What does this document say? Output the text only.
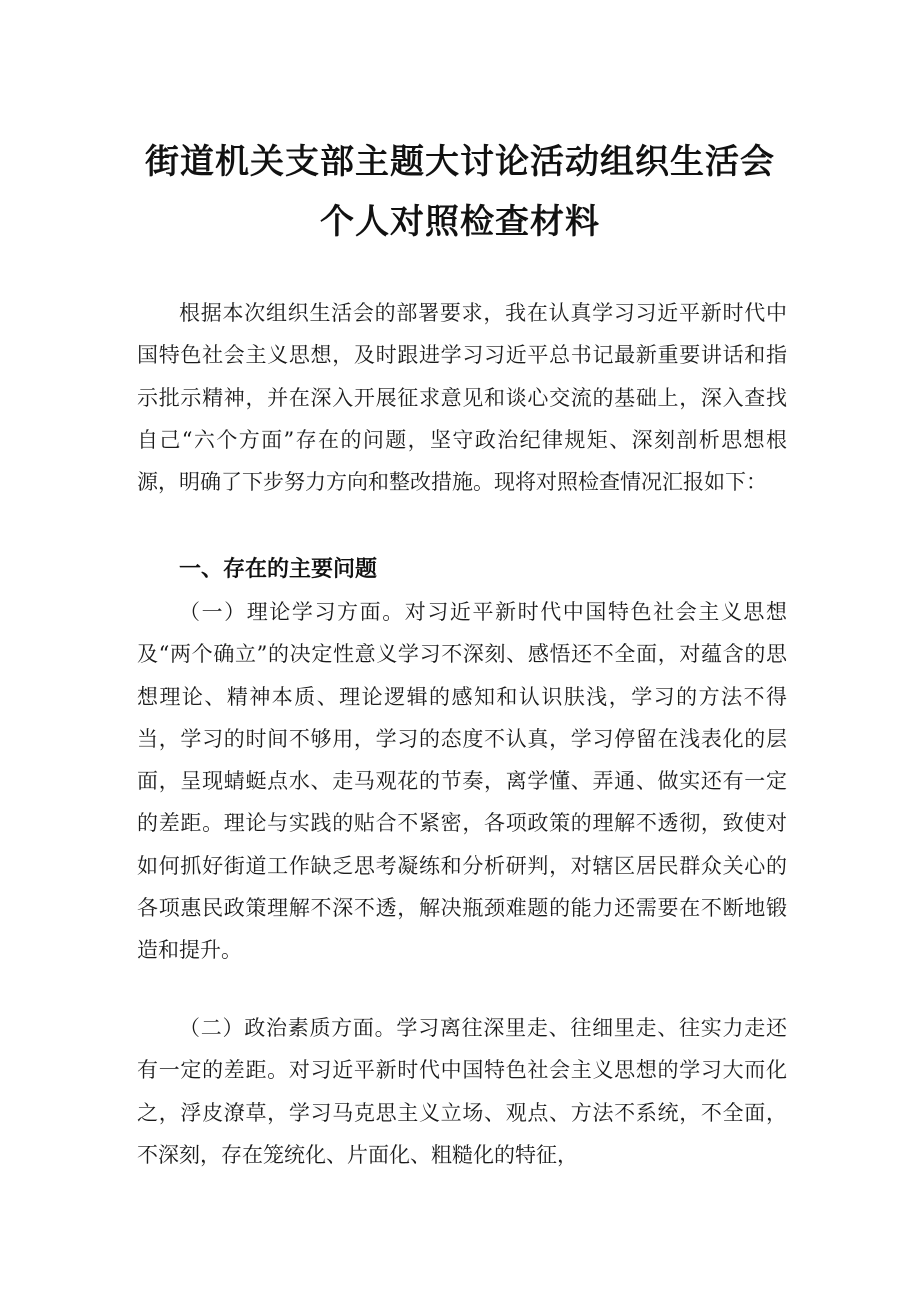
街道机关支部主题大讨论活动组织生活会
个人对照检查材料

根据本次组织生活会的部署要求，我在认真学习习近平新时代中国特色社会主义思想，及时跟进学习习近平总书记最新重要讲话和指示批示精神，并在深入开展征求意见和谈心交流的基础上，深入查找自己“六个方面”存在的问题，坚守政治纪律规矩、深刻剖析思想根源，明确了下步努力方向和整改措施。现将对照检查情况汇报如下：

一、存在的主要问题

（一）理论学习方面。对习近平新时代中国特色社会主义思想及“两个确立”的决定性意义学习不深刻、感悟还不全面，对蕴含的思想理论、精神本质、理论逻辑的感知和认识肤浅，学习的方法不得当，学习的时间不够用，学习的态度不认真，学习停留在浅表化的层面，呈现蜻蜓点水、走马观花的节奏，离学懂、弄通、做实还有一定的差距。理论与实践的贴合不紧密，各项政策的理解不透彻，致使对如何抓好街道工作缺乏思考凝练和分析研判，对辖区居民群众关心的各项惠民政策理解不深不透，解决瓶颈难题的能力还需要在不断地锻造和提升。

（二）政治素质方面。学习离往深里走、往细里走、往实力走还有一定的差距。对习近平新时代中国特色社会主义思想的学习大而化之，浮皮潦草，学习马克思主义立场、观点、方法不系统，不全面，不深刻，存在笼统化、片面化、粗糙化的特征，
